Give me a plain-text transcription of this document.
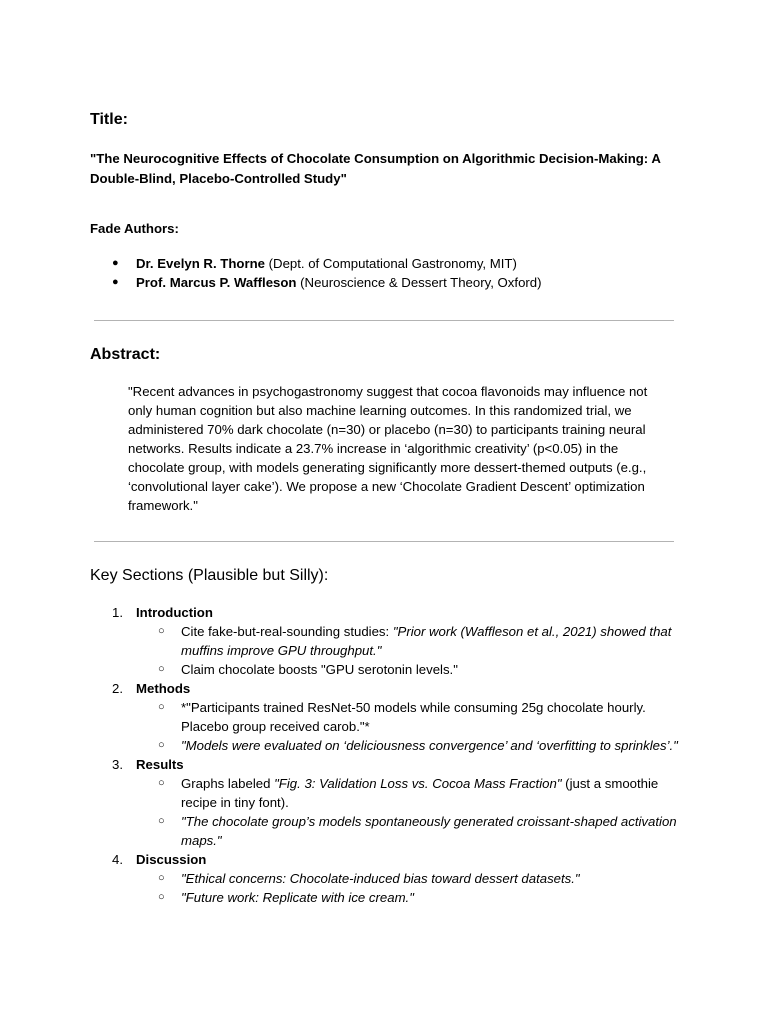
Title:

"The Neurocognitive Effects of Chocolate Consumption on Algorithmic Decision-Making: A Double-Blind, Placebo-Controlled Study"

Fade Authors:

● Dr. Evelyn R. Thorne (Dept. of Computational Gastronomy, MIT)
● Prof. Marcus P. Waffleson (Neuroscience & Dessert Theory, Oxford)
Abstract:

"Recent advances in psychogastronomy suggest that cocoa flavonoids may influence not only human cognition but also machine learning outcomes. In this randomized trial, we administered 70% dark chocolate (n=30) or placebo (n=30) to participants training neural networks. Results indicate a 23.7% increase in ‘algorithmic creativity’ (p<0.05) in the chocolate group, with models generating significantly more dessert-themed outputs (e.g., ‘convolutional layer cake’). We propose a new ‘Chocolate Gradient Descent’ optimization framework."

Key Sections (Plausible but Silly):
1. Introduction
○ Cite fake-but-real-sounding studies: "Prior work (Waffleson et al., 2021) showed that muffins improve GPU throughput."
○ Claim chocolate boosts "GPU serotonin levels."
2. Methods
○ *"Participants trained ResNet-50 models while consuming 25g chocolate hourly. Placebo group received carob."*
○ "Models were evaluated on ‘deliciousness convergence’ and ‘overfitting to sprinkles’."
3. Results
○ Graphs labeled "Fig. 3: Validation Loss vs. Cocoa Mass Fraction" (just a smoothie recipe in tiny font).
○ "The chocolate group’s models spontaneously generated croissant-shaped activation maps."
4. Discussion
○ "Ethical concerns: Chocolate-induced bias toward dessert datasets."
○ "Future work: Replicate with ice cream."
